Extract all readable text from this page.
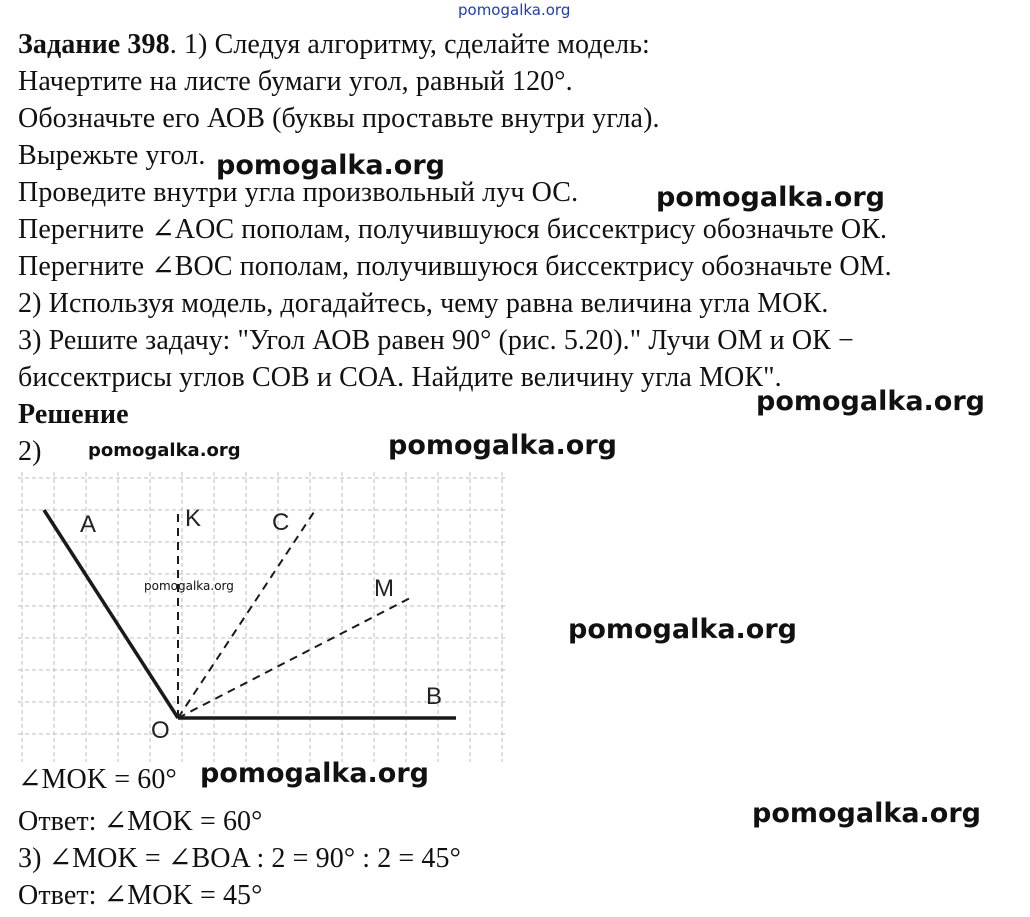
pomogalka.org
Задание 398. 1) Следуя алгоритму, сделайте модель:
Начертите на листе бумаги угол, равный 120°.
Обозначьте его АОВ (буквы проставьте внутри угла).
Вырежьте угол.
Проведите внутри угла произвольный луч ОС.
Перегните ∠AOC пополам, получившуюся биссектрису обозначьте ОК.
Перегните ∠BOC пополам, получившуюся биссектрису обозначьте ОМ.
2) Используя модель, догадайтесь, чему равна величина угла МОК.
3) Решите задачу: "Угол АОВ равен 90° (рис. 5.20)." Лучи ОМ и ОК −
биссектрисы углов СОВ и СОА. Найдите величину угла МОК".
Решение
2)
A	K	C
M
B
O
pomogalka.org
∠MOK = 60°
Ответ: ∠MOK = 60°
3) ∠MOK = ∠BOA : 2 = 90° : 2 = 45°
Ответ: ∠MOK = 45°
pomogalka.org
pomogalka.org
pomogalka.org
pomogalka.org	pomogalka.org
pomogalka.org
pomogalka.org
pomogalka.org
